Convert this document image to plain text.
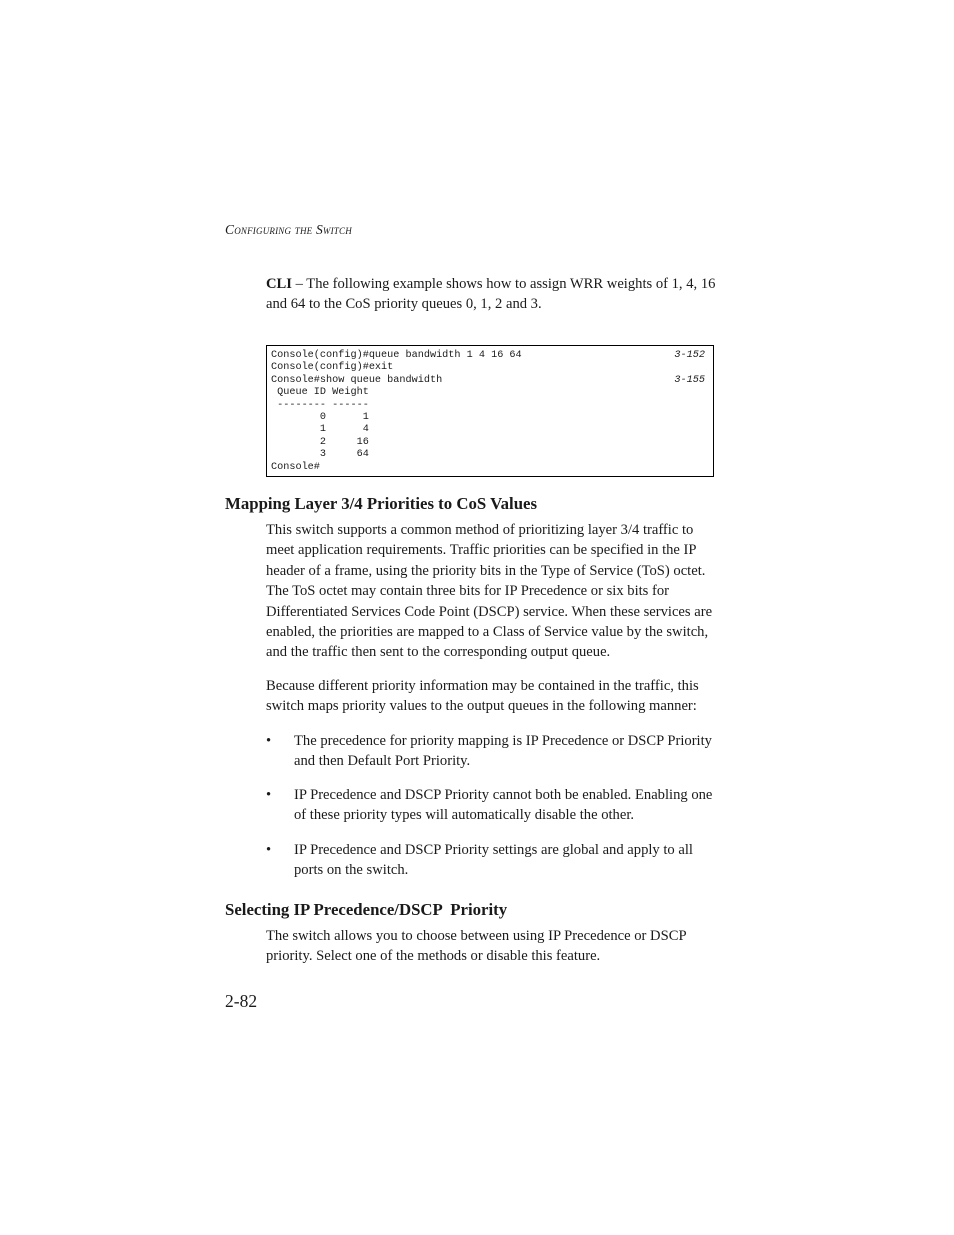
Configuring the Switch

CLI – The following example shows how to assign WRR weights of 1, 4, 16 and 64 to the CoS priority queues 0, 1, 2 and 3.

Console(config)#queue bandwidth 1 4 16 64	3-152
Console(config)#exit
Console#show queue bandwidth	3-155
Queue ID Weight
-------- ------
0      1
1      4
2     16
3     64
Console#
Mapping Layer 3/4 Priorities to CoS Values

This switch supports a common method of prioritizing layer 3/4 traffic to meet application requirements. Traffic priorities can be specified in the IP header of a frame, using the priority bits in the Type of Service (ToS) octet. The ToS octet may contain three bits for IP Precedence or six bits for Differentiated Services Code Point (DSCP) service. When these services are enabled, the priorities are mapped to a Class of Service value by the switch, and the traffic then sent to the corresponding output queue.

Because different priority information may be contained in the traffic, this switch maps priority values to the output queues in the following manner:

• The precedence for priority mapping is IP Precedence or DSCP Priority and then Default Port Priority.
• IP Precedence and DSCP Priority cannot both be enabled. Enabling one of these priority types will automatically disable the other.
• IP Precedence and DSCP Priority settings are global and apply to all ports on the switch.
Selecting IP Precedence/DSCP  Priority

The switch allows you to choose between using IP Precedence or DSCP priority. Select one of the methods or disable this feature.

2-82
